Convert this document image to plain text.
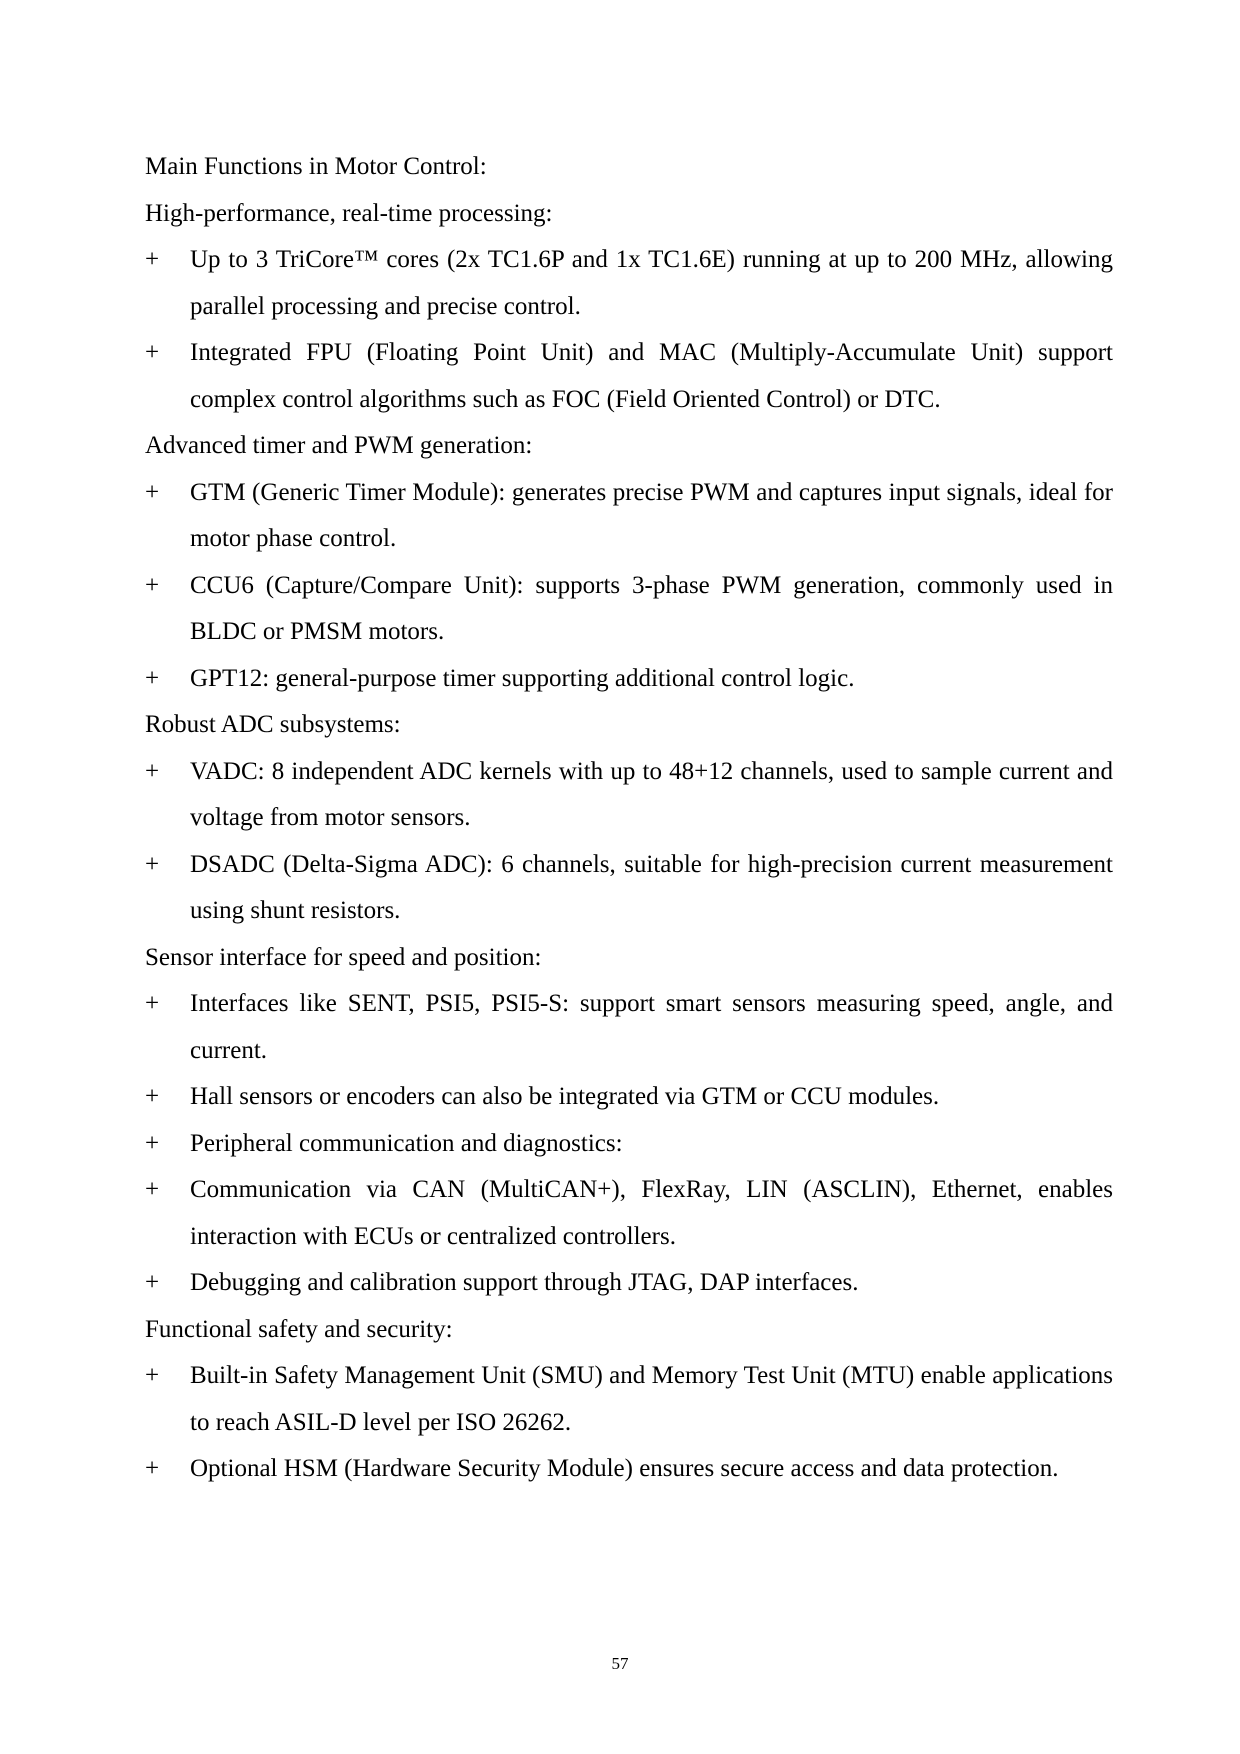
Main Functions in Motor Control:
High-performance, real-time processing:
+	Up to 3 TriCore™ cores (2x TC1.6P and 1x TC1.6E) running at up to 200 MHz, allowing parallel processing and precise control.
+	Integrated FPU (Floating Point Unit) and MAC (Multiply-Accumulate Unit) support complex control algorithms such as FOC (Field Oriented Control) or DTC.
Advanced timer and PWM generation:
+	GTM (Generic Timer Module): generates precise PWM and captures input signals, ideal for motor phase control.
+	CCU6 (Capture/Compare Unit): supports 3-phase PWM generation, commonly used in BLDC or PMSM motors.
+	GPT12: general-purpose timer supporting additional control logic.
Robust ADC subsystems:
+	VADC: 8 independent ADC kernels with up to 48+12 channels, used to sample current and voltage from motor sensors.
+	DSADC (Delta-Sigma ADC): 6 channels, suitable for high-precision current measurement using shunt resistors.
Sensor interface for speed and position:
+	Interfaces like SENT, PSI5, PSI5-S: support smart sensors measuring speed, angle, and current.
+	Hall sensors or encoders can also be integrated via GTM or CCU modules.
+	Peripheral communication and diagnostics:
+	Communication via CAN (MultiCAN+), FlexRay, LIN (ASCLIN), Ethernet, enables interaction with ECUs or centralized controllers.
+	Debugging and calibration support through JTAG, DAP interfaces.
Functional safety and security:
+	Built-in Safety Management Unit (SMU) and Memory Test Unit (MTU) enable applications to reach ASIL-D level per ISO 26262.
+	Optional HSM (Hardware Security Module) ensures secure access and data protection.
57
